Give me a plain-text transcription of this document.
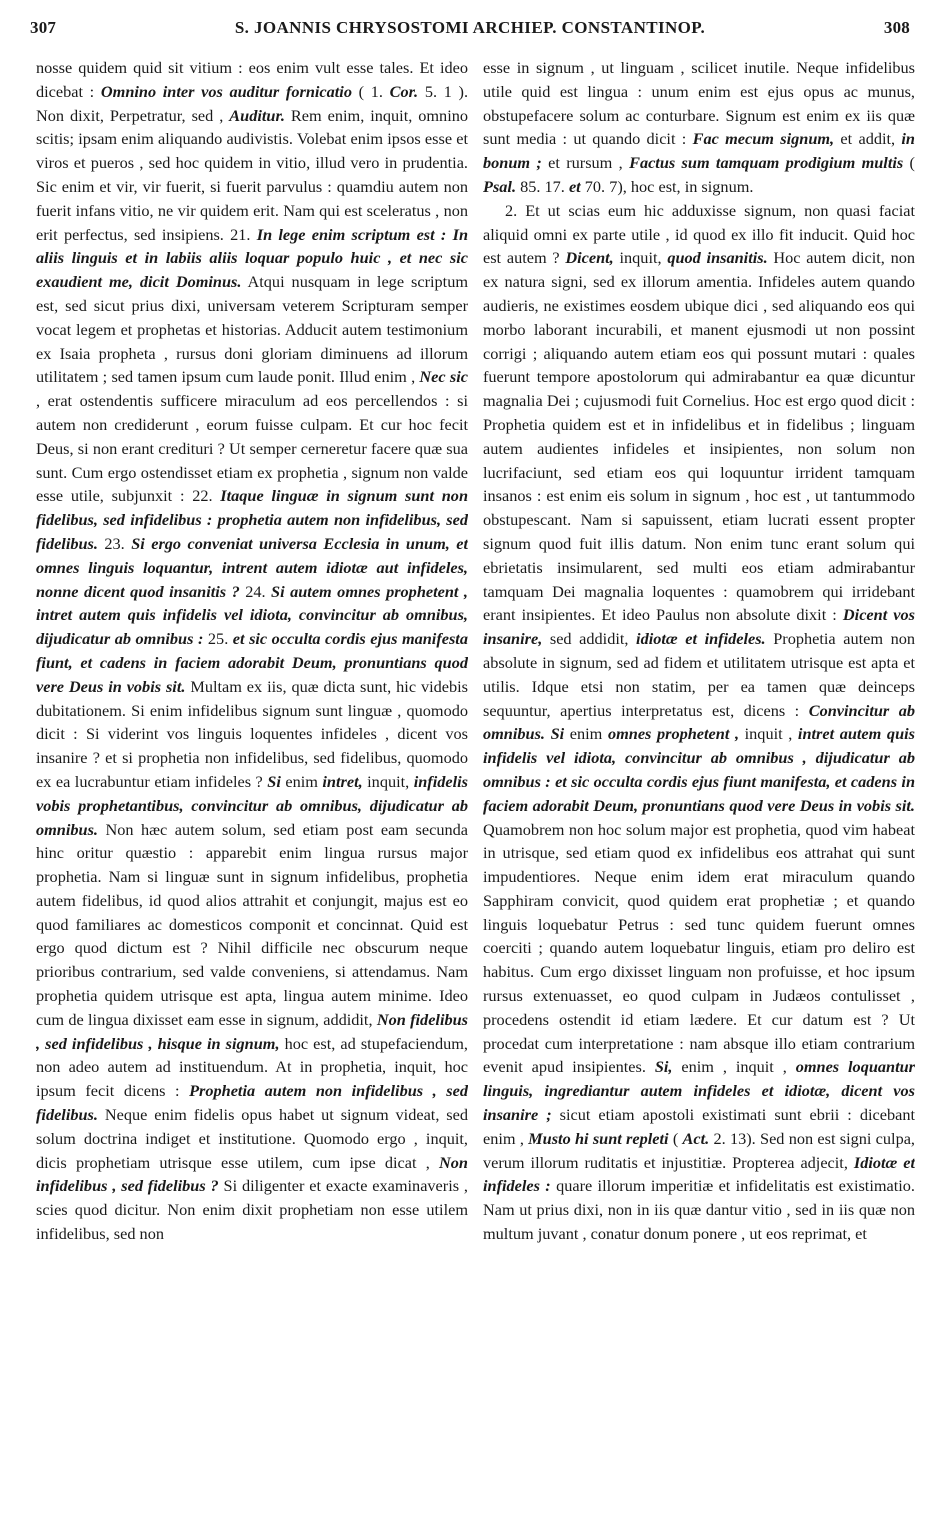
307	S. JOANNIS CHRYSOSTOMI ARCHIEP. CONSTANTINOP.	308

nosse quidem quid sit vitium : eos enim vult esse tales. Et ideo dicebat : Omnino inter vos auditur fornicatio ( 1. Cor. 5. 1 ). Non dixit, Perpetratur, sed , Auditur. Rem enim, inquit, omnino scitis; ipsam enim aliquando audivistis. Volebat enim ipsos esse et viros et pueros , sed hoc quidem in vitio, illud vero in prudentia. Sic enim et vir, vir fuerit, si fuerit parvulus : quamdiu autem non fuerit infans vitio, ne vir quidem erit. Nam qui est sceleratus , non erit perfectus, sed insipiens. 21. In lege enim scriptum est : In aliis linguis et in labiis aliis loquar populo huic , et nec sic exaudient me, dicit Dominus. Atqui nusquam in lege scriptum est, sed sicut prius dixi, universam veterem Scripturam semper vocat legem et prophetas et historias. Adducit autem testimonium ex Isaia propheta , rursus doni gloriam diminuens ad illorum utilitatem ; sed tamen ipsum cum laude ponit. Illud enim , Nec sic , erat ostendentis sufficere miraculum ad eos percellendos : si autem non crediderunt , eorum fuisse culpam. Et cur hoc fecit Deus, si non erant credituri ? Ut semper cerneretur facere quæ sua sunt. Cum ergo ostendisset etiam ex prophetia , signum non valde esse utile, subjunxit : 22. Itaque linguæ in signum sunt non fidelibus, sed infidelibus : prophetia autem non infidelibus, sed fidelibus. 23. Si ergo conveniat universa Ecclesia in unum, et omnes linguis loquantur, intrent autem idiotæ aut infideles, nonne dicent quod insanitis ? 24. Si autem omnes prophetent , intret autem quis infidelis vel idiota, convincitur ab omnibus, dijudicatur ab omnibus : 25. et sic occulta cordis ejus manifesta fiunt, et cadens in faciem adorabit Deum, pronuntians quod vere Deus in vobis sit. Multam ex iis, quæ dicta sunt, hic videbis dubitationem. Si enim infidelibus signum sunt linguæ , quomodo dicit : Si viderint vos linguis loquentes infideles , dicent vos insanire ? et si prophetia non infidelibus, sed fidelibus, quomodo ex ea lucrabuntur etiam infideles ? Si enim intret, inquit, infidelis vobis prophetantibus, convincitur ab omnibus, dijudicatur ab omnibus. Non hæc autem solum, sed etiam post eam secunda hinc oritur quæstio : apparebit enim lingua rursus major prophetia. Nam si linguæ sunt in signum infidelibus, prophetia autem fidelibus, id quod alios attrahit et conjungit, majus est eo quod familiares ac domesticos componit et concinnat. Quid est ergo quod dictum est ? Nihil difficile nec obscurum neque prioribus contrarium, sed valde conveniens, si attendamus. Nam prophetia quidem utrisque est apta, lingua autem minime. Ideo cum de lingua dixisset eam esse in signum, addidit, Non fidelibus , sed infidelibus , hisque in signum, hoc est, ad stupefaciendum, non adeo autem ad instituendum. At in prophetia, inquit, hoc ipsum fecit dicens : Prophetia autem non infidelibus , sed fidelibus. Neque enim fidelis opus habet ut signum videat, sed solum doctrina indiget et institutione. Quomodo ergo , inquit, dicis prophetiam utrisque esse utilem, cum ipse dicat , Non infidelibus , sed fidelibus ? Si diligenter et exacte examinaveris , scies quod dicitur. Non enim dixit prophetiam non esse utilem infidelibus, sed non

esse in signum , ut linguam , scilicet inutile. Neque infidelibus utile quid est lingua : unum enim est ejus opus ac munus, obstupefacere solum ac conturbare. Signum est enim ex iis quæ sunt media : ut quando dicit : Fac mecum signum, et addit, in bonum ; et rursum , Factus sum tamquam prodigium multis ( Psal. 85. 17. et 70. 7), hoc est, in signum.

2. Et ut scias eum hic adduxisse signum, non quasi faciat aliquid omni ex parte utile , id quod ex illo fit inducit. Quid hoc est autem ? Dicent, inquit, quod insanitis. Hoc autem dicit, non ex natura signi, sed ex illorum amentia. Infideles autem quando audieris, ne existimes eosdem ubique dici , sed aliquando eos qui morbo laborant incurabili, et manent ejusmodi ut non possint corrigi ; aliquando autem etiam eos qui possunt mutari : quales fuerunt tempore apostolorum qui admirabantur ea quæ dicuntur magnalia Dei ; cujusmodi fuit Cornelius. Hoc est ergo quod dicit : Prophetia quidem est et in infidelibus et in fidelibus ; linguam autem audientes infideles et insipientes, non solum non lucrifaciunt, sed etiam eos qui loquuntur irrident tamquam insanos : est enim eis solum in signum , hoc est , ut tantummodo obstupescant. Nam si sapuissent, etiam lucrati essent propter signum quod fuit illis datum. Non enim tunc erant solum qui ebrietatis insimularent, sed multi eos etiam admirabantur tamquam Dei magnalia loquentes : quamobrem qui irridebant erant insipientes. Et ideo Paulus non absolute dixit : Dicent vos insanire, sed addidit, idiotæ et infideles. Prophetia autem non absolute in signum, sed ad fidem et utilitatem utrisque est apta et utilis. Idque etsi non statim, per ea tamen quæ deinceps sequuntur, apertius interpretatus est, dicens : Convincitur ab omnibus. Si enim omnes prophetent , inquit , intret autem quis infidelis vel idiota, convincitur ab omnibus , dijudicatur ab omnibus : et sic occulta cordis ejus fiunt manifesta, et cadens in faciem adorabit Deum, pronuntians quod vere Deus in vobis sit. Quamobrem non hoc solum major est prophetia, quod vim habeat in utrisque, sed etiam quod ex infidelibus eos attrahat qui sunt impudentiores. Neque enim idem erat miraculum quando Sapphiram convicit, quod quidem erat prophetiæ ; et quando linguis loquebatur Petrus : sed tunc quidem fuerunt omnes coerciti ; quando autem loquebatur linguis, etiam pro deliro est habitus. Cum ergo dixisset linguam non profuisse, et hoc ipsum rursus extenuasset, eo quod culpam in Judæos contulisset , procedens ostendit id etiam lædere. Et cur datum est ? Ut procedat cum interpretatione : nam absque illo etiam contrarium evenit apud insipientes. Si, enim , inquit , omnes loquantur linguis, ingrediantur autem infideles et idiotæ, dicent vos insanire ; sicut etiam apostoli existimati sunt ebrii : dicebant enim , Musto hi sunt repleti ( Act. 2. 13). Sed non est signi culpa, verum illorum ruditatis et injustitiæ. Propterea adjecit, Idiotæ et infideles : quare illorum imperitiæ et infidelitatis est existimatio. Nam ut prius dixi, non in iis quæ dantur vitio , sed in iis quæ non multum juvant , conatur donum ponere , ut eos reprimat, et
